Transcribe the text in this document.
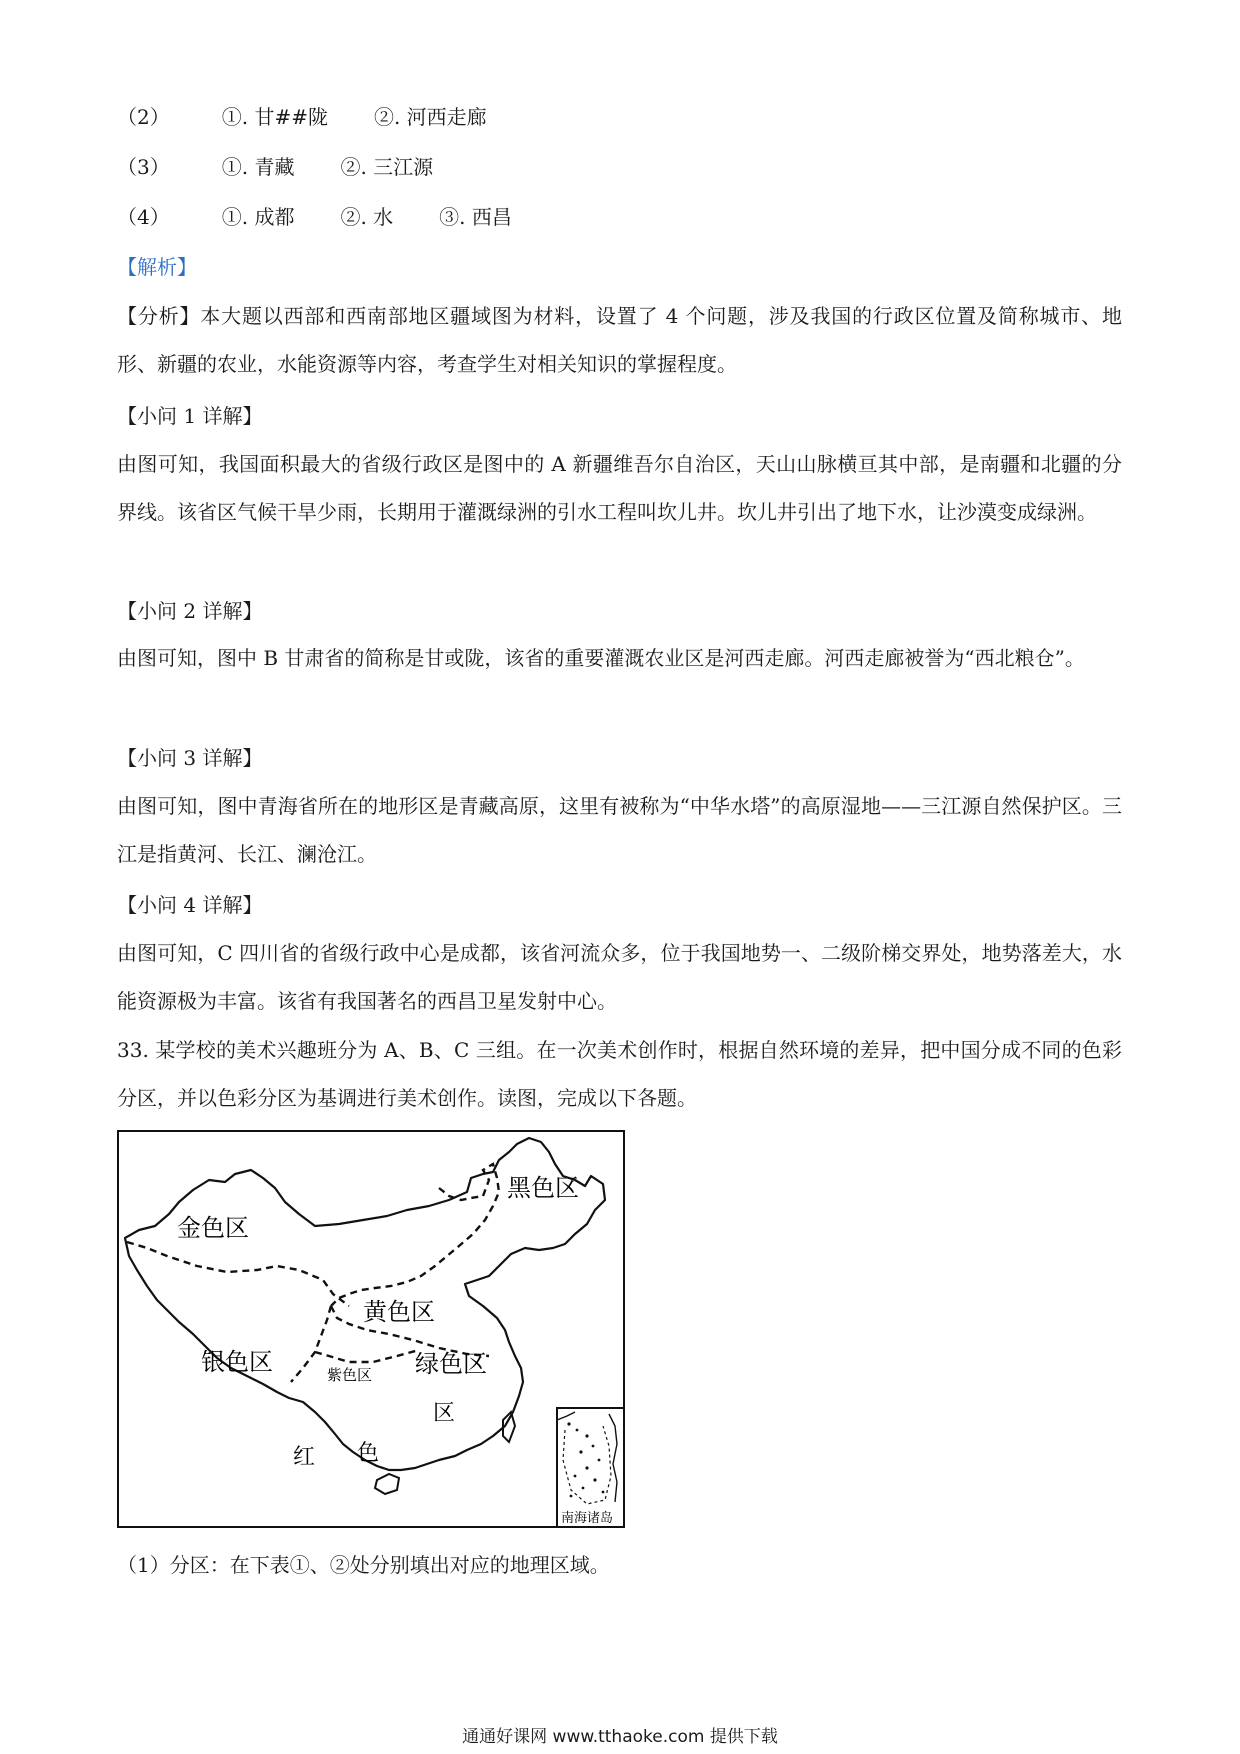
（2）	①. 甘##陇 ②. 河西走廊
（3）	①. 青藏 ②. 三江源
（4）	①. 成都 ②. 水 ③. 西昌
【解析】
【分析】本大题以西部和西南部地区疆域图为材料，设置了 4 个问题，涉及我国的行政区位置及简称城市、地形、新疆的农业，水能资源等内容，考查学生对相关知识的掌握程度。
【小问 1 详解】
由图可知，我国面积最大的省级行政区是图中的 A 新疆维吾尔自治区，天山山脉横亘其中部，是南疆和北疆的分界线。该省区气候干旱少雨，长期用于灌溉绿洲的引水工程叫坎儿井。坎儿井引出了地下水，让沙漠变成绿洲。
【小问 2 详解】
由图可知，图中 B 甘肃省的简称是甘或陇，该省的重要灌溉农业区是河西走廊。河西走廊被誉为“西北粮仓”。
【小问 3 详解】
由图可知，图中青海省所在的地形区是青藏高原，这里有被称为“中华水塔”的高原湿地——三江源自然保护区。三江是指黄河、长江、澜沧江。
【小问 4 详解】
由图可知，C 四川省的省级行政中心是成都，该省河流众多，位于我国地势一、二级阶梯交界处，地势落差大，水能资源极为丰富。该省有我国著名的西昌卫星发射中心。
33. 某学校的美术兴趣班分为 A、B、C 三组。在一次美术创作时，根据自然环境的差异，把中国分成不同的色彩分区，并以色彩分区为基调进行美术创作。读图，完成以下各题。
金色区
黑色区
黄色区
银色区	紫色区 绿色区
区
红 色
南海诸岛
（1）分区：在下表①、②处分别填出对应的地理区域。
通通好课网 www.tthaoke.com 提供下载
